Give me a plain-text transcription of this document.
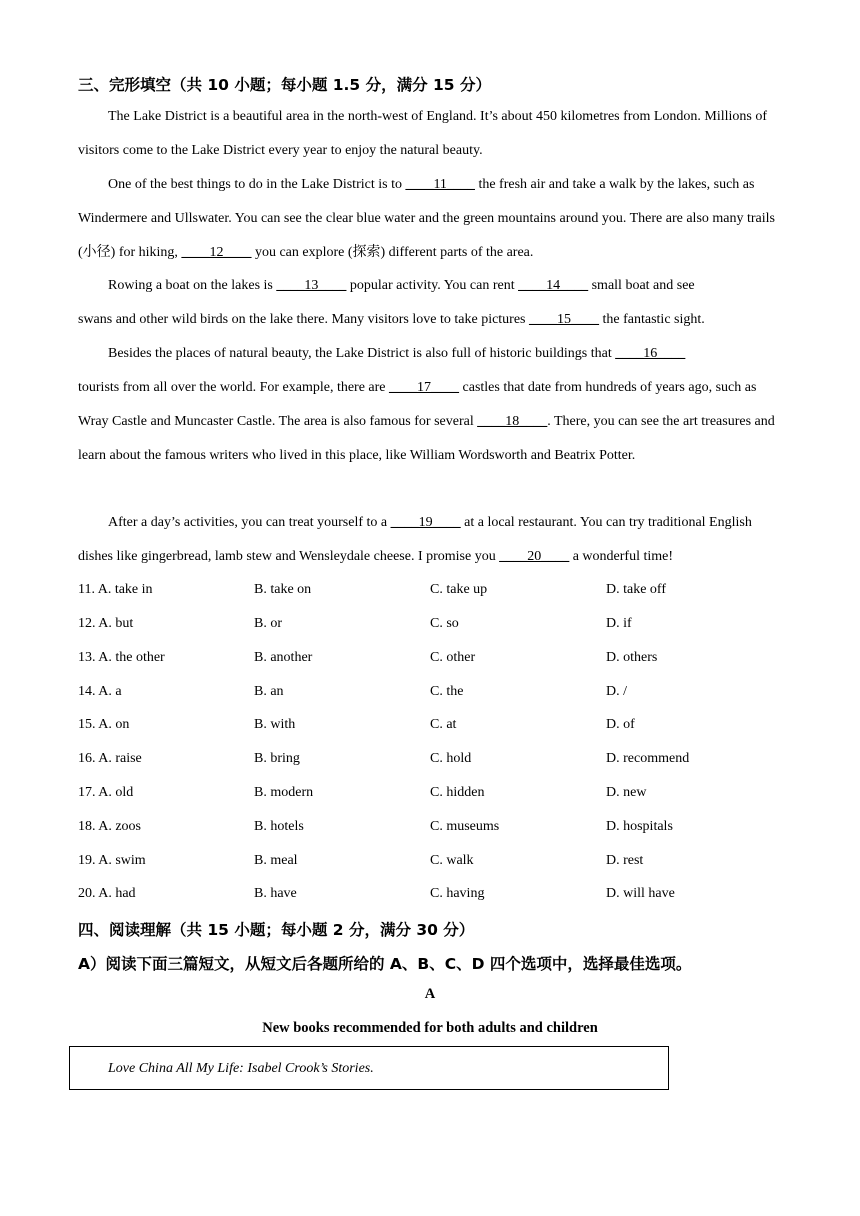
三、完形填空（共 10 小题；每小题 1.5 分，满分 15 分）
The Lake District is a beautiful area in the north-west of England. It’s about 450 kilometres from London. Millions of visitors come to the Lake District every year to enjoy the natural beauty.
One of the best things to do in the Lake District is to ____11____ the fresh air and take a walk by the lakes, such as Windermere and Ullswater. You can see the clear blue water and the green mountains around you. There are also many trails (小径) for hiking, ____12____ you can explore (探索) different parts of the area.
Rowing a boat on the lakes is ____13____ popular activity. You can rent ____14____ small boat and see
swans and other wild birds on the lake there. Many visitors love to take pictures ____15____ the fantastic sight.
Besides the places of natural beauty, the Lake District is also full of historic buildings that ____16____
tourists from all over the world. For example, there are ____17____ castles that date from hundreds of years ago, such as Wray Castle and Muncaster Castle. The area is also famous for several ____18____. There, you can see the art treasures and learn about the famous writers who lived in this place, like William Wordsworth and Beatrix Potter.
After a day’s activities, you can treat yourself to a ____19____ at a local restaurant. You can try traditional English dishes like gingerbread, lamb stew and Wensleydale cheese. I promise you ____20____ a wonderful time!
11. A. take in	B. take on	C. take up	D. take off
12. A. but	B. or	C. so	D. if
13. A. the other	B. another	C. other	D. others
14. A. a	B. an	C. the	D. /
15. A. on	B. with	C. at	D. of
16. A. raise	B. bring	C. hold	D. recommend
17. A. old	B. modern	C. hidden	D. new
18. A. zoos	B. hotels	C. museums	D. hospitals
19. A. swim	B. meal	C. walk	D. rest
20. A. had	B. have	C. having	D. will have
四、阅读理解（共 15 小题；每小题 2 分，满分 30 分）
A）阅读下面三篇短文，从短文后各题所给的 A、B、C、D 四个选项中，选择最佳选项。
A
New books recommended for both adults and children
Love China All My Life: Isabel Crook’s Stories.
